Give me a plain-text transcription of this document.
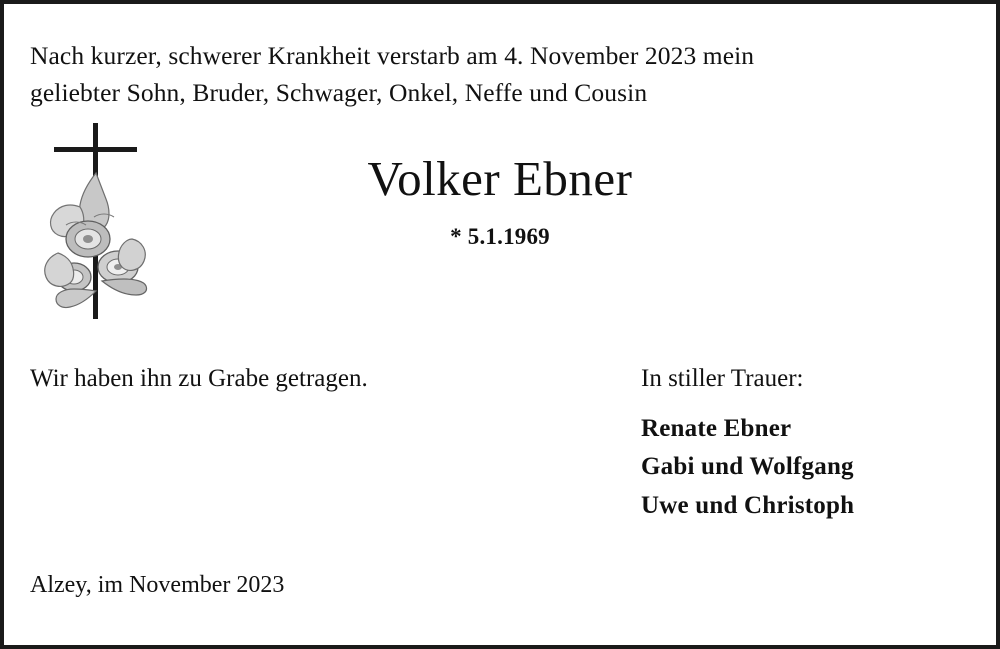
Nach kurzer, schwerer Krankheit verstarb am 4. November 2023 mein
geliebter Sohn, Bruder, Schwager, Onkel, Neffe und Cousin
Volker Ebner
* 5.1.1969
Wir haben ihn zu Grabe getragen.	In stiller Trauer:
Renate Ebner
Gabi und Wolfgang
Uwe und Christoph
Alzey, im November 2023
